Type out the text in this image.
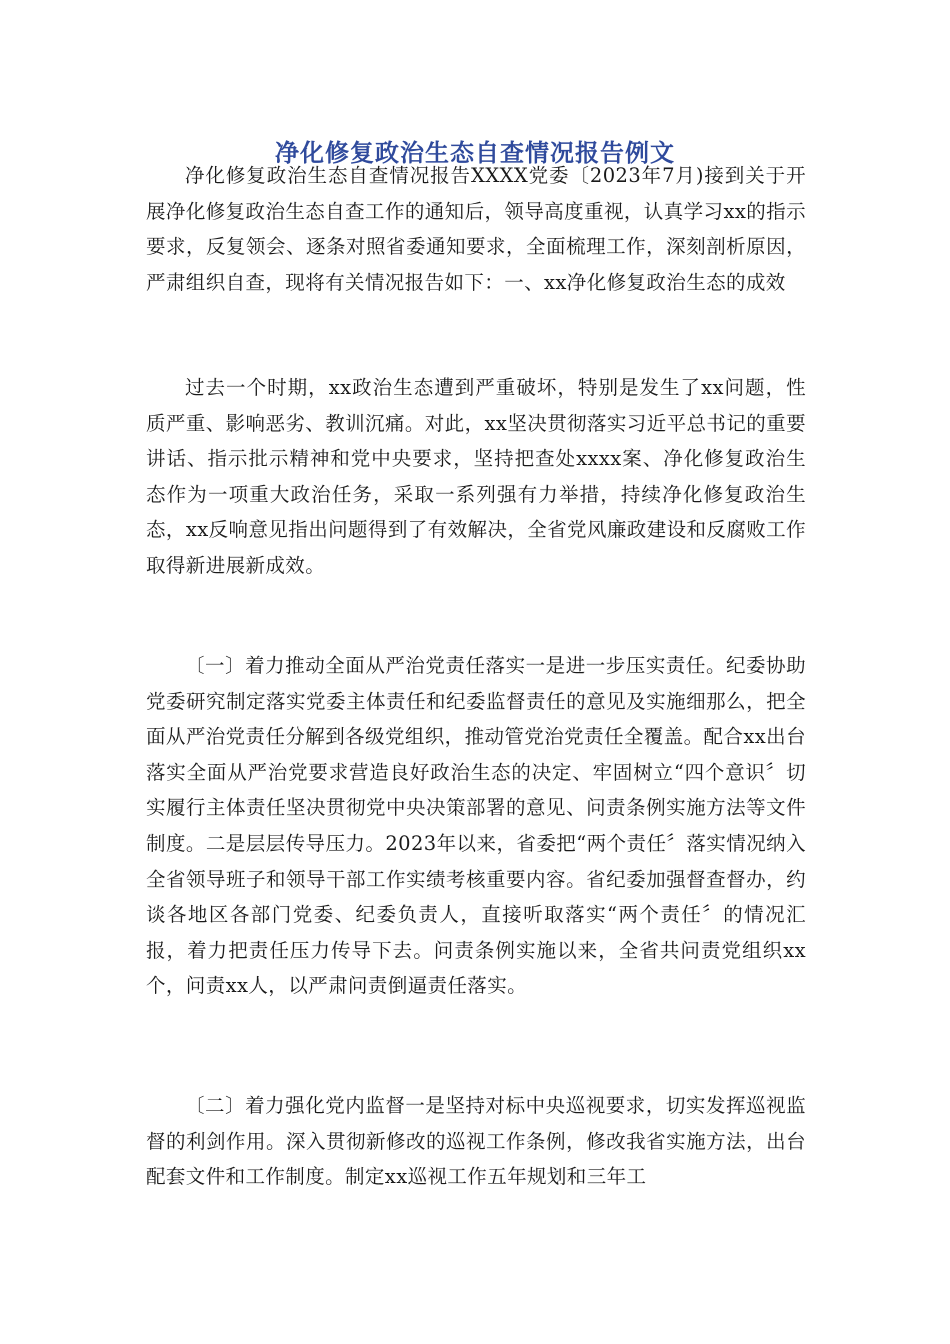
净化修复政治生态自查情况报告例文

净化修复政治生态自查情况报告XXXX党委〔2023年7月)接到关于开展净化修复政治生态自查工作的通知后，领导高度重视，认真学习xx的指示要求，反复领会、逐条对照省委通知要求，全面梳理工作，深刻剖析原因，严肃组织自查，现将有关情况报告如下：一、xx净化修复政治生态的成效

过去一个时期，xx政治生态遭到严重破坏，特别是发生了xx问题，性质严重、影响恶劣、教训沉痛。对此，xx坚决贯彻落实习近平总书记的重要讲话、指示批示精神和党中央要求，坚持把查处xxxx案、净化修复政治生态作为一项重大政治任务，采取一系列强有力举措，持续净化修复政治生态，xx反响意见指出问题得到了有效解决，全省党风廉政建设和反腐败工作取得新进展新成效。

〔一〕着力推动全面从严治党责任落实一是进一步压实责任。纪委协助党委研究制定落实党委主体责任和纪委监督责任的意见及实施细那么，把全面从严治党责任分解到各级党组织，推动管党治党责任全覆盖。配合xx出台落实全面从严治党要求营造良好政治生态的决定、牢固树立“四个意识〞切实履行主体责任坚决贯彻党中央决策部署的意见、问责条例实施方法等文件制度。二是层层传导压力。2023年以来，省委把“两个责任〞落实情况纳入全省领导班子和领导干部工作实绩考核重要内容。省纪委加强督查督办，约谈各地区各部门党委、纪委负责人，直接听取落实“两个责任〞的情况汇报，着力把责任压力传导下去。问责条例实施以来，全省共问责党组织xx个，问责xx人，以严肃问责倒逼责任落实。

〔二〕着力强化党内监督一是坚持对标中央巡视要求，切实发挥巡视监督的利剑作用。深入贯彻新修改的巡视工作条例，修改我省实施方法，出台配套文件和工作制度。制定xx巡视工作五年规划和三年工
